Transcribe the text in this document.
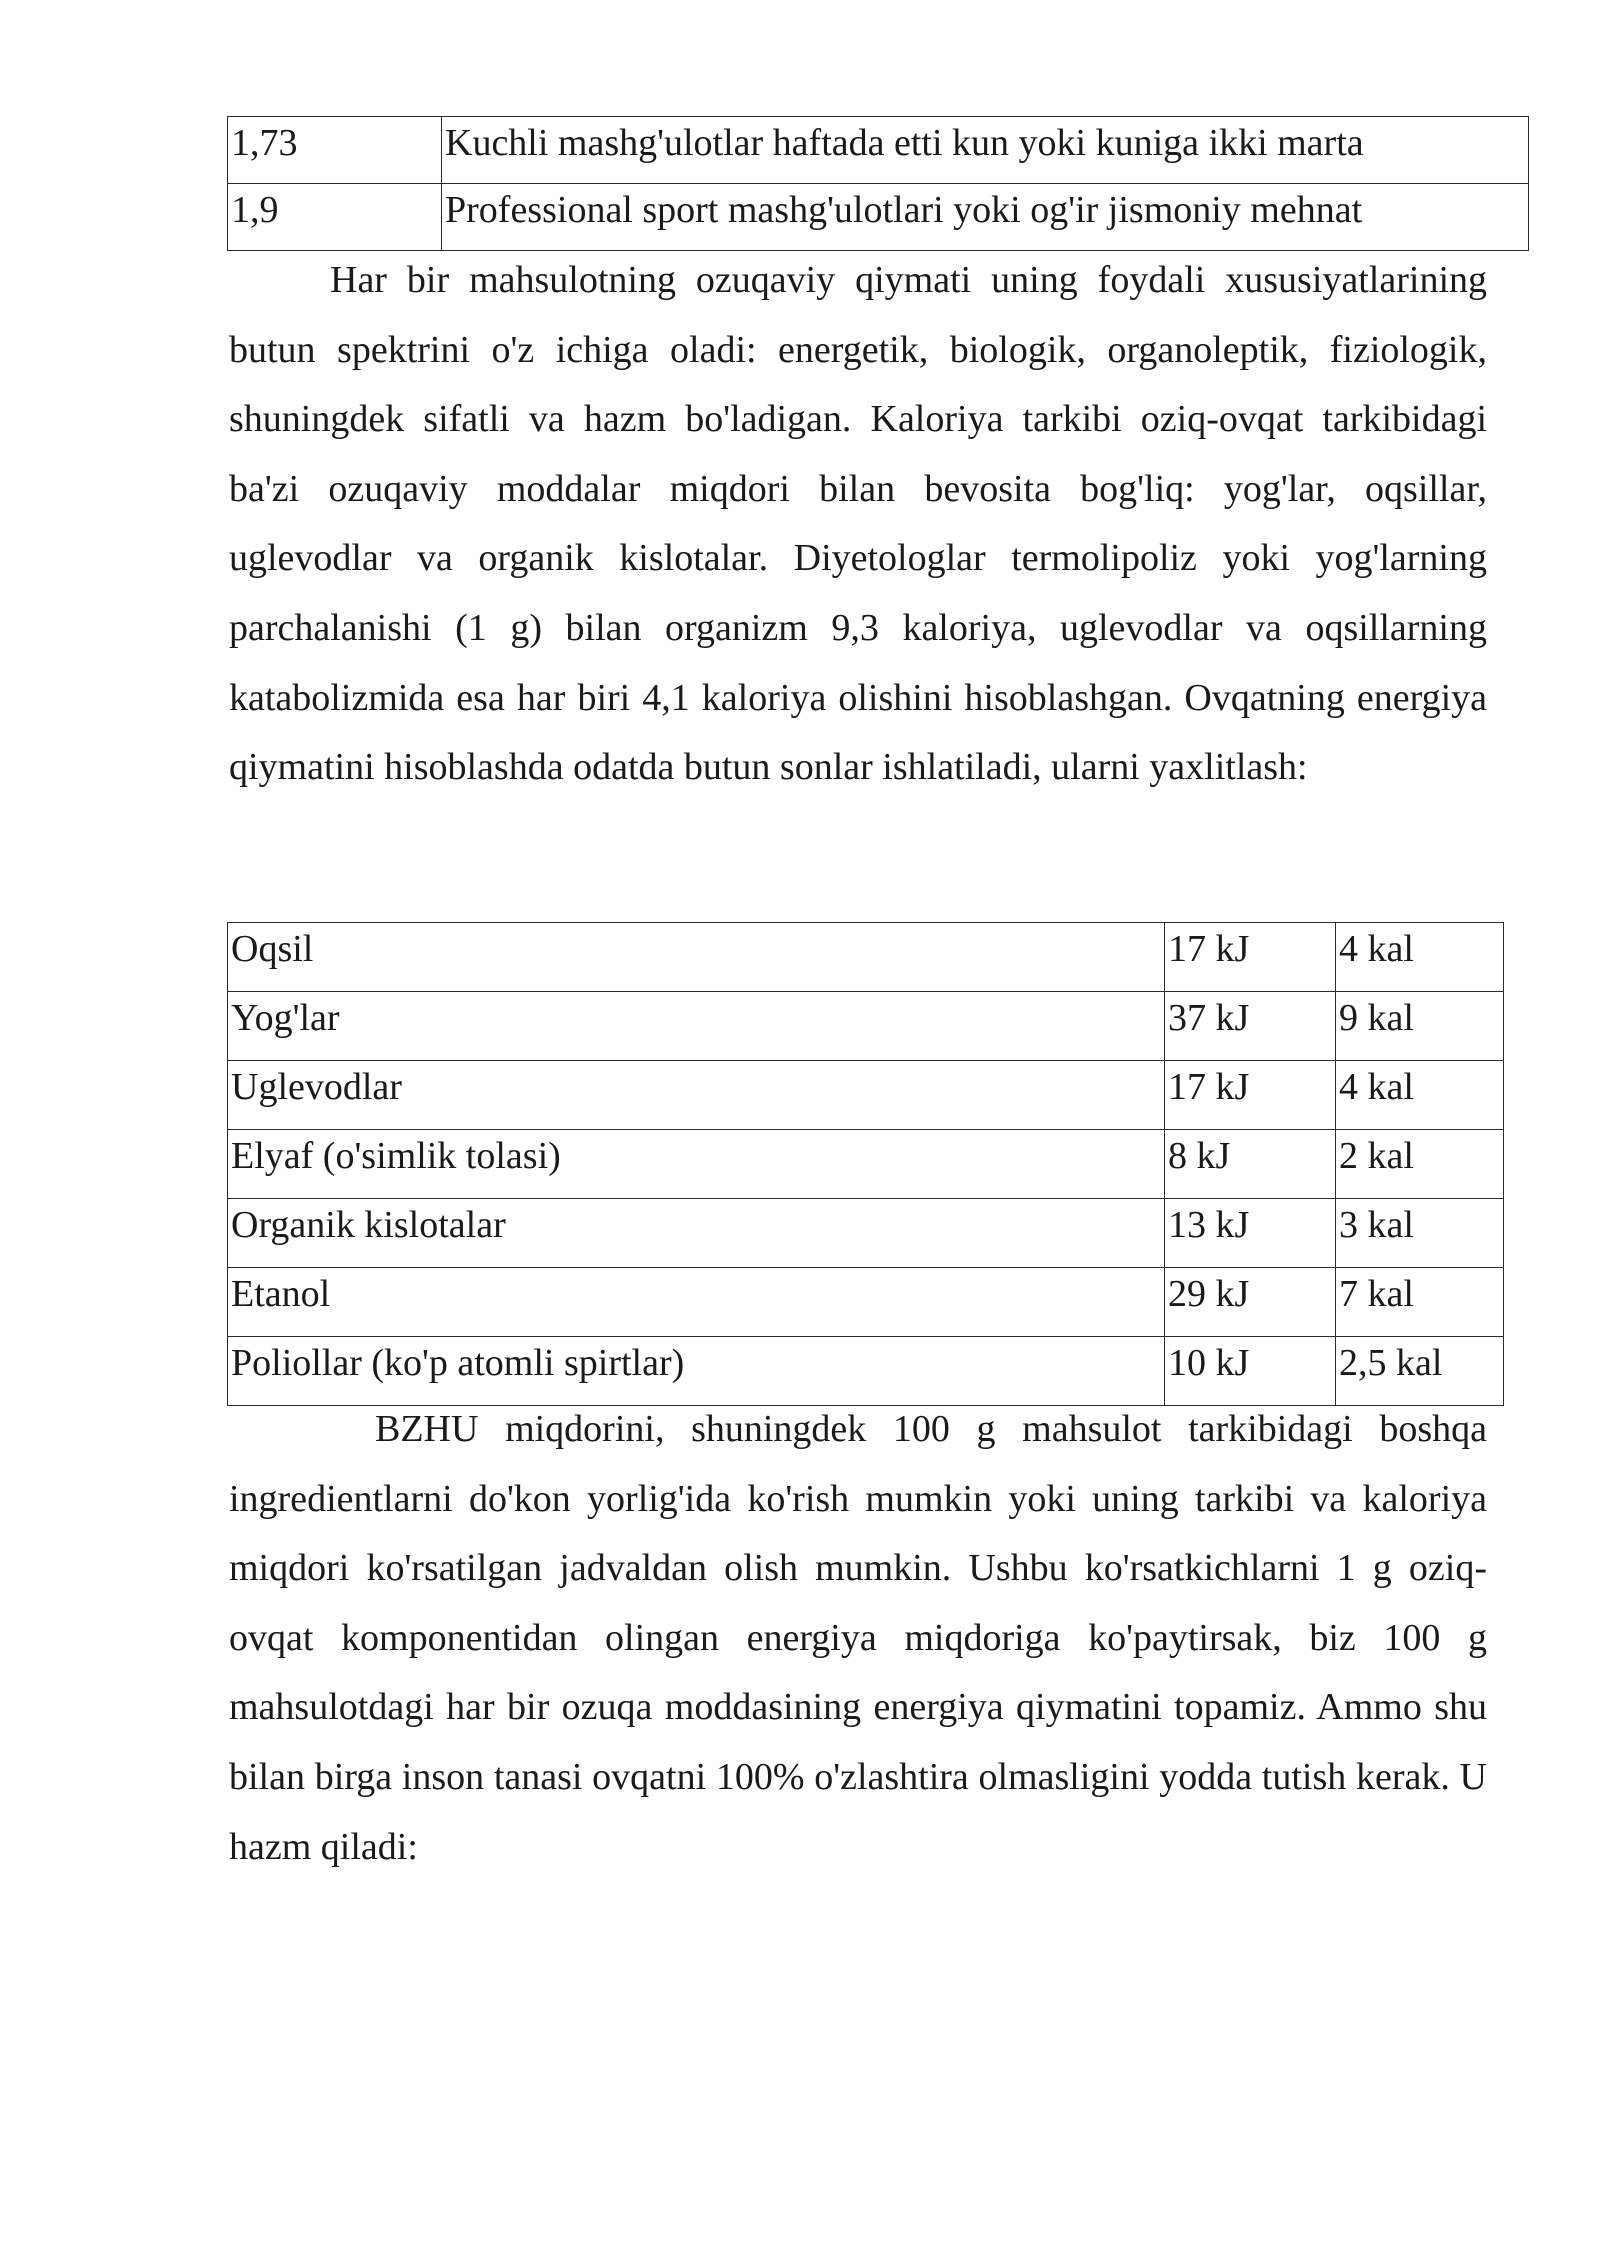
1,73	Kuchli mashg'ulotlar haftada etti kun yoki kuniga ikki marta
1,9	Professional sport mashg'ulotlari yoki og'ir jismoniy mehnat

Har bir mahsulotning ozuqaviy qiymati uning foydali xususiyatlarining butun spektrini o'z ichiga oladi: energetik, biologik, organoleptik, fiziologik, shuningdek sifatli va hazm bo'ladigan. Kaloriya tarkibi oziq-ovqat tarkibidagi ba'zi ozuqaviy moddalar miqdori bilan bevosita bog'liq: yog'lar, oqsillar, uglevodlar va organik kislotalar. Diyetologlar termolipoliz yoki yog'larning parchalanishi (1 g) bilan organizm 9,3 kaloriya, uglevodlar va oqsillarning katabolizmida esa har biri 4,1 kaloriya olishini hisoblashgan. Ovqatning energiya qiymatini hisoblashda odatda butun sonlar ishlatiladi, ularni yaxlitlash:

Oqsil	17 kJ	4 kal
Yog'lar	37 kJ	9 kal
Uglevodlar	17 kJ	4 kal
Elyaf (o'simlik tolasi)	8 kJ	2 kal
Organik kislotalar	13 kJ	3 kal
Etanol	29 kJ	7 kal
Poliollar (ko'p atomli spirtlar)	10 kJ	2,5 kal

BZHU miqdorini, shuningdek 100 g mahsulot tarkibidagi boshqa ingredientlarni do'kon yorlig'ida ko'rish mumkin yoki uning tarkibi va kaloriya miqdori ko'rsatilgan jadvaldan olish mumkin. Ushbu ko'rsatkichlarni 1 g oziq-ovqat komponentidan olingan energiya miqdoriga ko'paytirsak, biz 100 g mahsulotdagi har bir ozuqa moddasining energiya qiymatini topamiz. Ammo shu bilan birga inson tanasi ovqatni 100% o'zlashtira olmasligini yodda tutish kerak. U hazm qiladi:
